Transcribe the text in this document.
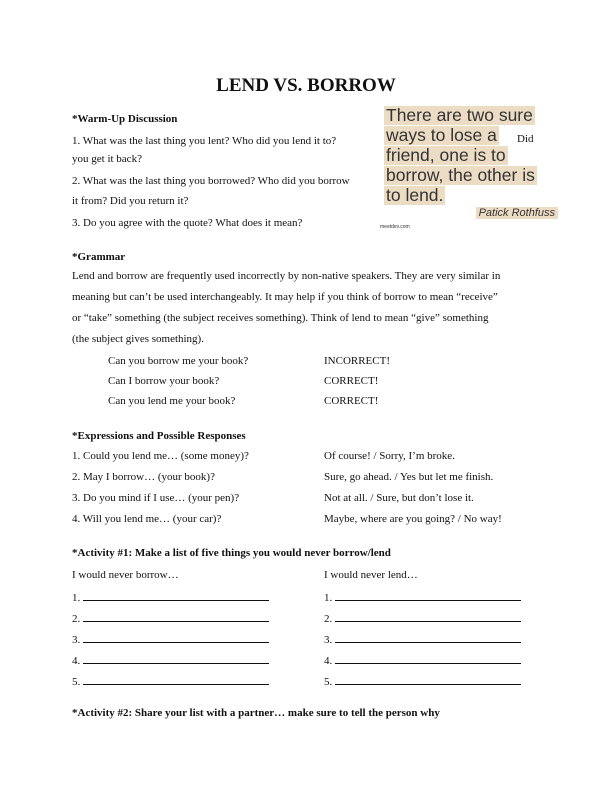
LEND VS. BORROW
There are two sure
ways to lose a
friend, one is to
borrow, the other is
to lend.
Patick Rothfuss
meetdev.com
*Warm-Up Discussion
1. What was the last thing you lent? Who did you lend it to?	Did
you get it back?
2. What was the last thing you borrowed? Who did you borrow
it from? Did you return it?
3. Do you agree with the quote? What does it mean?
*Grammar
Lend and borrow are frequently used incorrectly by non-native speakers. They are very similar in
meaning but can’t be used interchangeably. It may help if you think of borrow to mean “receive”
or “take” something (the subject receives something). Think of lend to mean “give” something
(the subject gives something).
Can you borrow me your book?	INCORRECT!
Can I borrow your book?	CORRECT!
Can you lend me your book?	CORRECT!
*Expressions and Possible Responses
1. Could you lend me… (some money)?	Of course! / Sorry, I’m broke.
2. May I borrow… (your book)?	Sure, go ahead. / Yes but let me finish.
3. Do you mind if I use… (your pen)?	Not at all. / Sure, but don’t lose it.
4. Will you lend me… (your car)?	Maybe, where are you going? / No way!
*Activity #1: Make a list of five things you would never borrow/lend
I would never borrow…	I would never lend…
1.	1.
2.	2.
3.	3.
4.	4.
5.	5.
*Activity #2: Share your list with a partner… make sure to tell the person why
